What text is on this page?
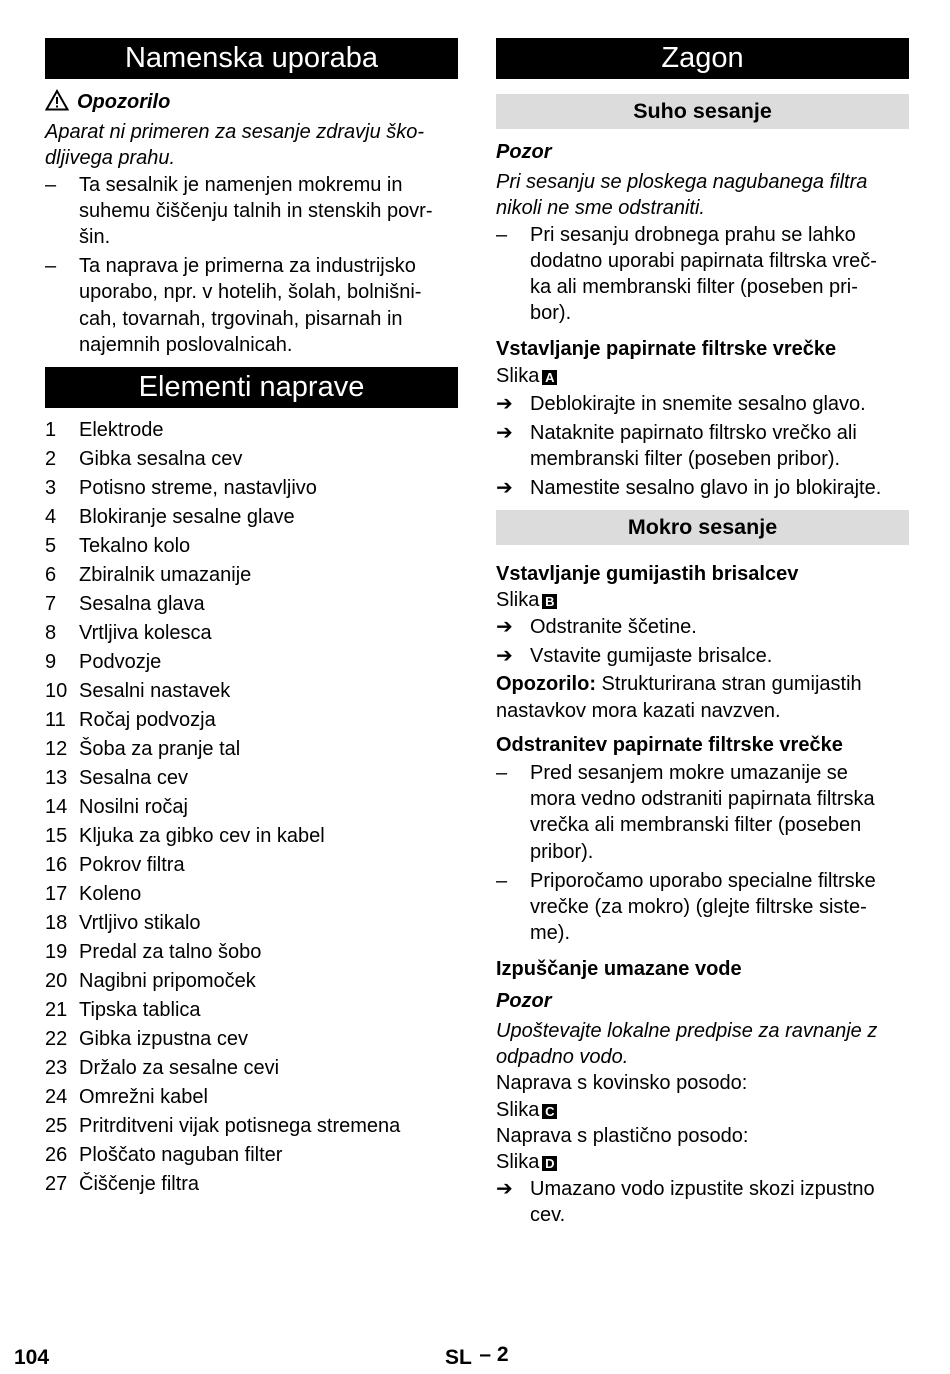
Namenska uporaba
Opozorilo
Aparat ni primeren za sesanje zdravju ško-
dljivega prahu.
–	Ta sesalnik je namenjen mokremu in
suhemu čiščenju talnih in stenskih povr-
šin.
–	Ta naprava je primerna za industrijsko
uporabo, npr. v hotelih, šolah, bolnišni-
cah, tovarnah, trgovinah, pisarnah in
najemnih poslovalnicah.
Elementi naprave
1	Elektrode
2	Gibka sesalna cev
3	Potisno streme, nastavljivo
4	Blokiranje sesalne glave
5	Tekalno kolo
6	Zbiralnik umazanije
7	Sesalna glava
8	Vrtljiva kolesca
9	Podvozje
10 Sesalni nastavek
11 Ročaj podvozja
12 Šoba za pranje tal
13 Sesalna cev
14 Nosilni ročaj
15 Kljuka za gibko cev in kabel
16 Pokrov filtra
17 Koleno
18 Vrtljivo stikalo
19 Predal za talno šobo
20 Nagibni pripomoček
21 Tipska tablica
22 Gibka izpustna cev
23 Držalo za sesalne cevi
24 Omrežni kabel
25 Pritrditveni vijak potisnega stremena
26 Ploščato naguban filter
27 Čiščenje filtra
Zagon
Suho sesanje
Pozor
Pri sesanju se ploskega nagubanega filtra
nikoli ne sme odstraniti.
–	Pri sesanju drobnega prahu se lahko
dodatno uporabi papirnata filtrska vreč-
ka ali membranski filter (poseben pri-
bor).
Vstavljanje papirnate filtrske vrečke
Slika A
➔ Deblokirajte in snemite sesalno glavo.
➔ Nataknite papirnato filtrsko vrečko ali
membranski filter (poseben pribor).
➔ Namestite sesalno glavo in jo blokirajte.
Mokro sesanje
Vstavljanje gumijastih brisalcev
Slika B
➔ Odstranite ščetine.
➔ Vstavite gumijaste brisalce.
Opozorilo: Strukturirana stran gumijastih
nastavkov mora kazati navzven.
Odstranitev papirnate filtrske vrečke
–	Pred sesanjem mokre umazanije se
mora vedno odstraniti papirnata filtrska
vrečka ali membranski filter (poseben
pribor).
–	Priporočamo uporabo specialne filtrske
vrečke (za mokro) (glejte filtrske siste-
me).
Izpuščanje umazane vode
Pozor
Upoštevajte lokalne predpise za ravnanje z
odpadno vodo.
Naprava s kovinsko posodo:
Slika C
Naprava s plastično posodo:
Slika D
➔ Umazano vodo izpustite skozi izpustno
cev.
104	SL – 2
